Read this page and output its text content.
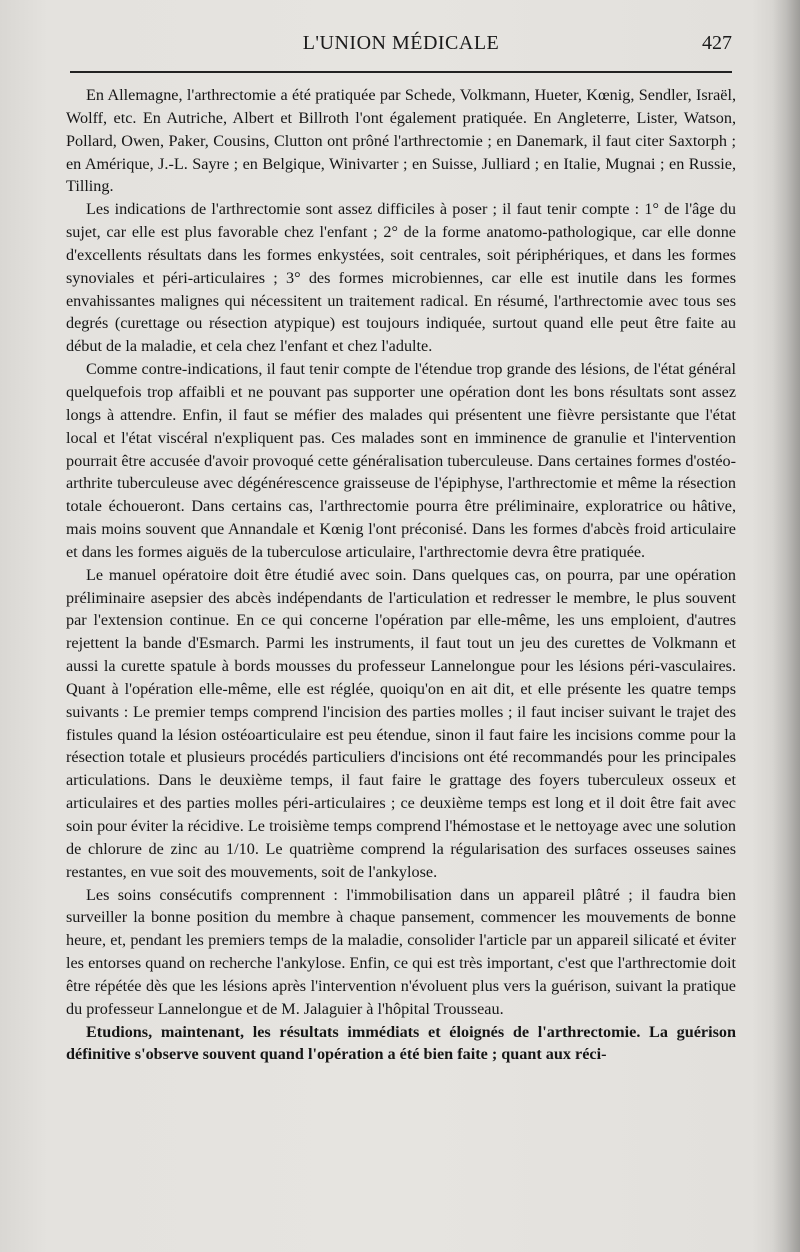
L'UNION MÉDICALE	427

En Allemagne, l'arthrectomie a été pratiquée par Schede, Volkmann, Hueter, Kœnig, Sendler, Israël, Wolff, etc. En Autriche, Albert et Billroth l'ont également pratiquée. En Angleterre, Lister, Watson, Pollard, Owen, Paker, Cousins, Clutton ont prôné l'arthrectomie ; en Danemark, il faut citer Saxtorph ; en Amérique, J.-L. Sayre ; en Belgique, Winivarter ; en Suisse, Julliard ; en Italie, Mugnai ; en Russie, Tilling.

Les indications de l'arthrectomie sont assez difficiles à poser ; il faut tenir compte : 1° de l'âge du sujet, car elle est plus favorable chez l'enfant ; 2° de la forme anatomo-pathologique, car elle donne d'excellents résultats dans les formes enkystées, soit centrales, soit périphériques, et dans les formes synoviales et péri-articulaires ; 3° des formes microbiennes, car elle est inutile dans les formes envahissantes malignes qui nécessitent un traitement radical. En résumé, l'arthrectomie avec tous ses degrés (curettage ou résection atypique) est toujours indiquée, surtout quand elle peut être faite au début de la maladie, et cela chez l'enfant et chez l'adulte.

Comme contre-indications, il faut tenir compte de l'étendue trop grande des lésions, de l'état général quelquefois trop affaibli et ne pouvant pas supporter une opération dont les bons résultats sont assez longs à attendre. Enfin, il faut se méfier des malades qui présentent une fièvre persistante que l'état local et l'état viscéral n'expliquent pas. Ces malades sont en imminence de granulie et l'intervention pourrait être accusée d'avoir provoqué cette généralisation tuberculeuse. Dans certaines formes d'ostéo-arthrite tuberculeuse avec dégénérescence graisseuse de l'épiphyse, l'arthrectomie et même la résection totale échoueront. Dans certains cas, l'arthrectomie pourra être préliminaire, exploratrice ou hâtive, mais moins souvent que Annandale et Kœnig l'ont préconisé. Dans les formes d'abcès froid articulaire et dans les formes aiguës de la tuberculose articulaire, l'arthrectomie devra être pratiquée.

Le manuel opératoire doit être étudié avec soin. Dans quelques cas, on pourra, par une opération préliminaire asepsier des abcès indépendants de l'articulation et redresser le membre, le plus souvent par l'extension continue. En ce qui concerne l'opération par elle-même, les uns emploient, d'autres rejettent la bande d'Esmarch. Parmi les instruments, il faut tout un jeu des curettes de Volkmann et aussi la curette spatule à bords mousses du professeur Lannelongue pour les lésions péri-vasculaires. Quant à l'opération elle-même, elle est réglée, quoiqu'on en ait dit, et elle présente les quatre temps suivants : Le premier temps comprend l'incision des parties molles ; il faut inciser suivant le trajet des fistules quand la lésion ostéoarticulaire est peu étendue, sinon il faut faire les incisions comme pour la résection totale et plusieurs procédés particuliers d'incisions ont été recommandés pour les principales articulations. Dans le deuxième temps, il faut faire le grattage des foyers tuberculeux osseux et articulaires et des parties molles péri-articulaires ; ce deuxième temps est long et il doit être fait avec soin pour éviter la récidive. Le troisième temps comprend l'hémostase et le nettoyage avec une solution de chlorure de zinc au 1/10. Le quatrième comprend la régularisation des surfaces osseuses saines restantes, en vue soit des mouvements, soit de l'ankylose.

Les soins consécutifs comprennent : l'immobilisation dans un appareil plâtré ; il faudra bien surveiller la bonne position du membre à chaque pansement, commencer les mouvements de bonne heure, et, pendant les premiers temps de la maladie, consolider l'article par un appareil silicaté et éviter les entorses quand on recherche l'ankylose. Enfin, ce qui est très important, c'est que l'arthrectomie doit être répétée dès que les lésions après l'intervention n'évoluent plus vers la guérison, suivant la pratique du professeur Lannelongue et de M. Jalaguier à l'hôpital Trousseau.

Etudions, maintenant, les résultats immédiats et éloignés de l'arthrectomie. La guérison définitive s'observe souvent quand l'opération a été bien faite ; quant aux réci-
